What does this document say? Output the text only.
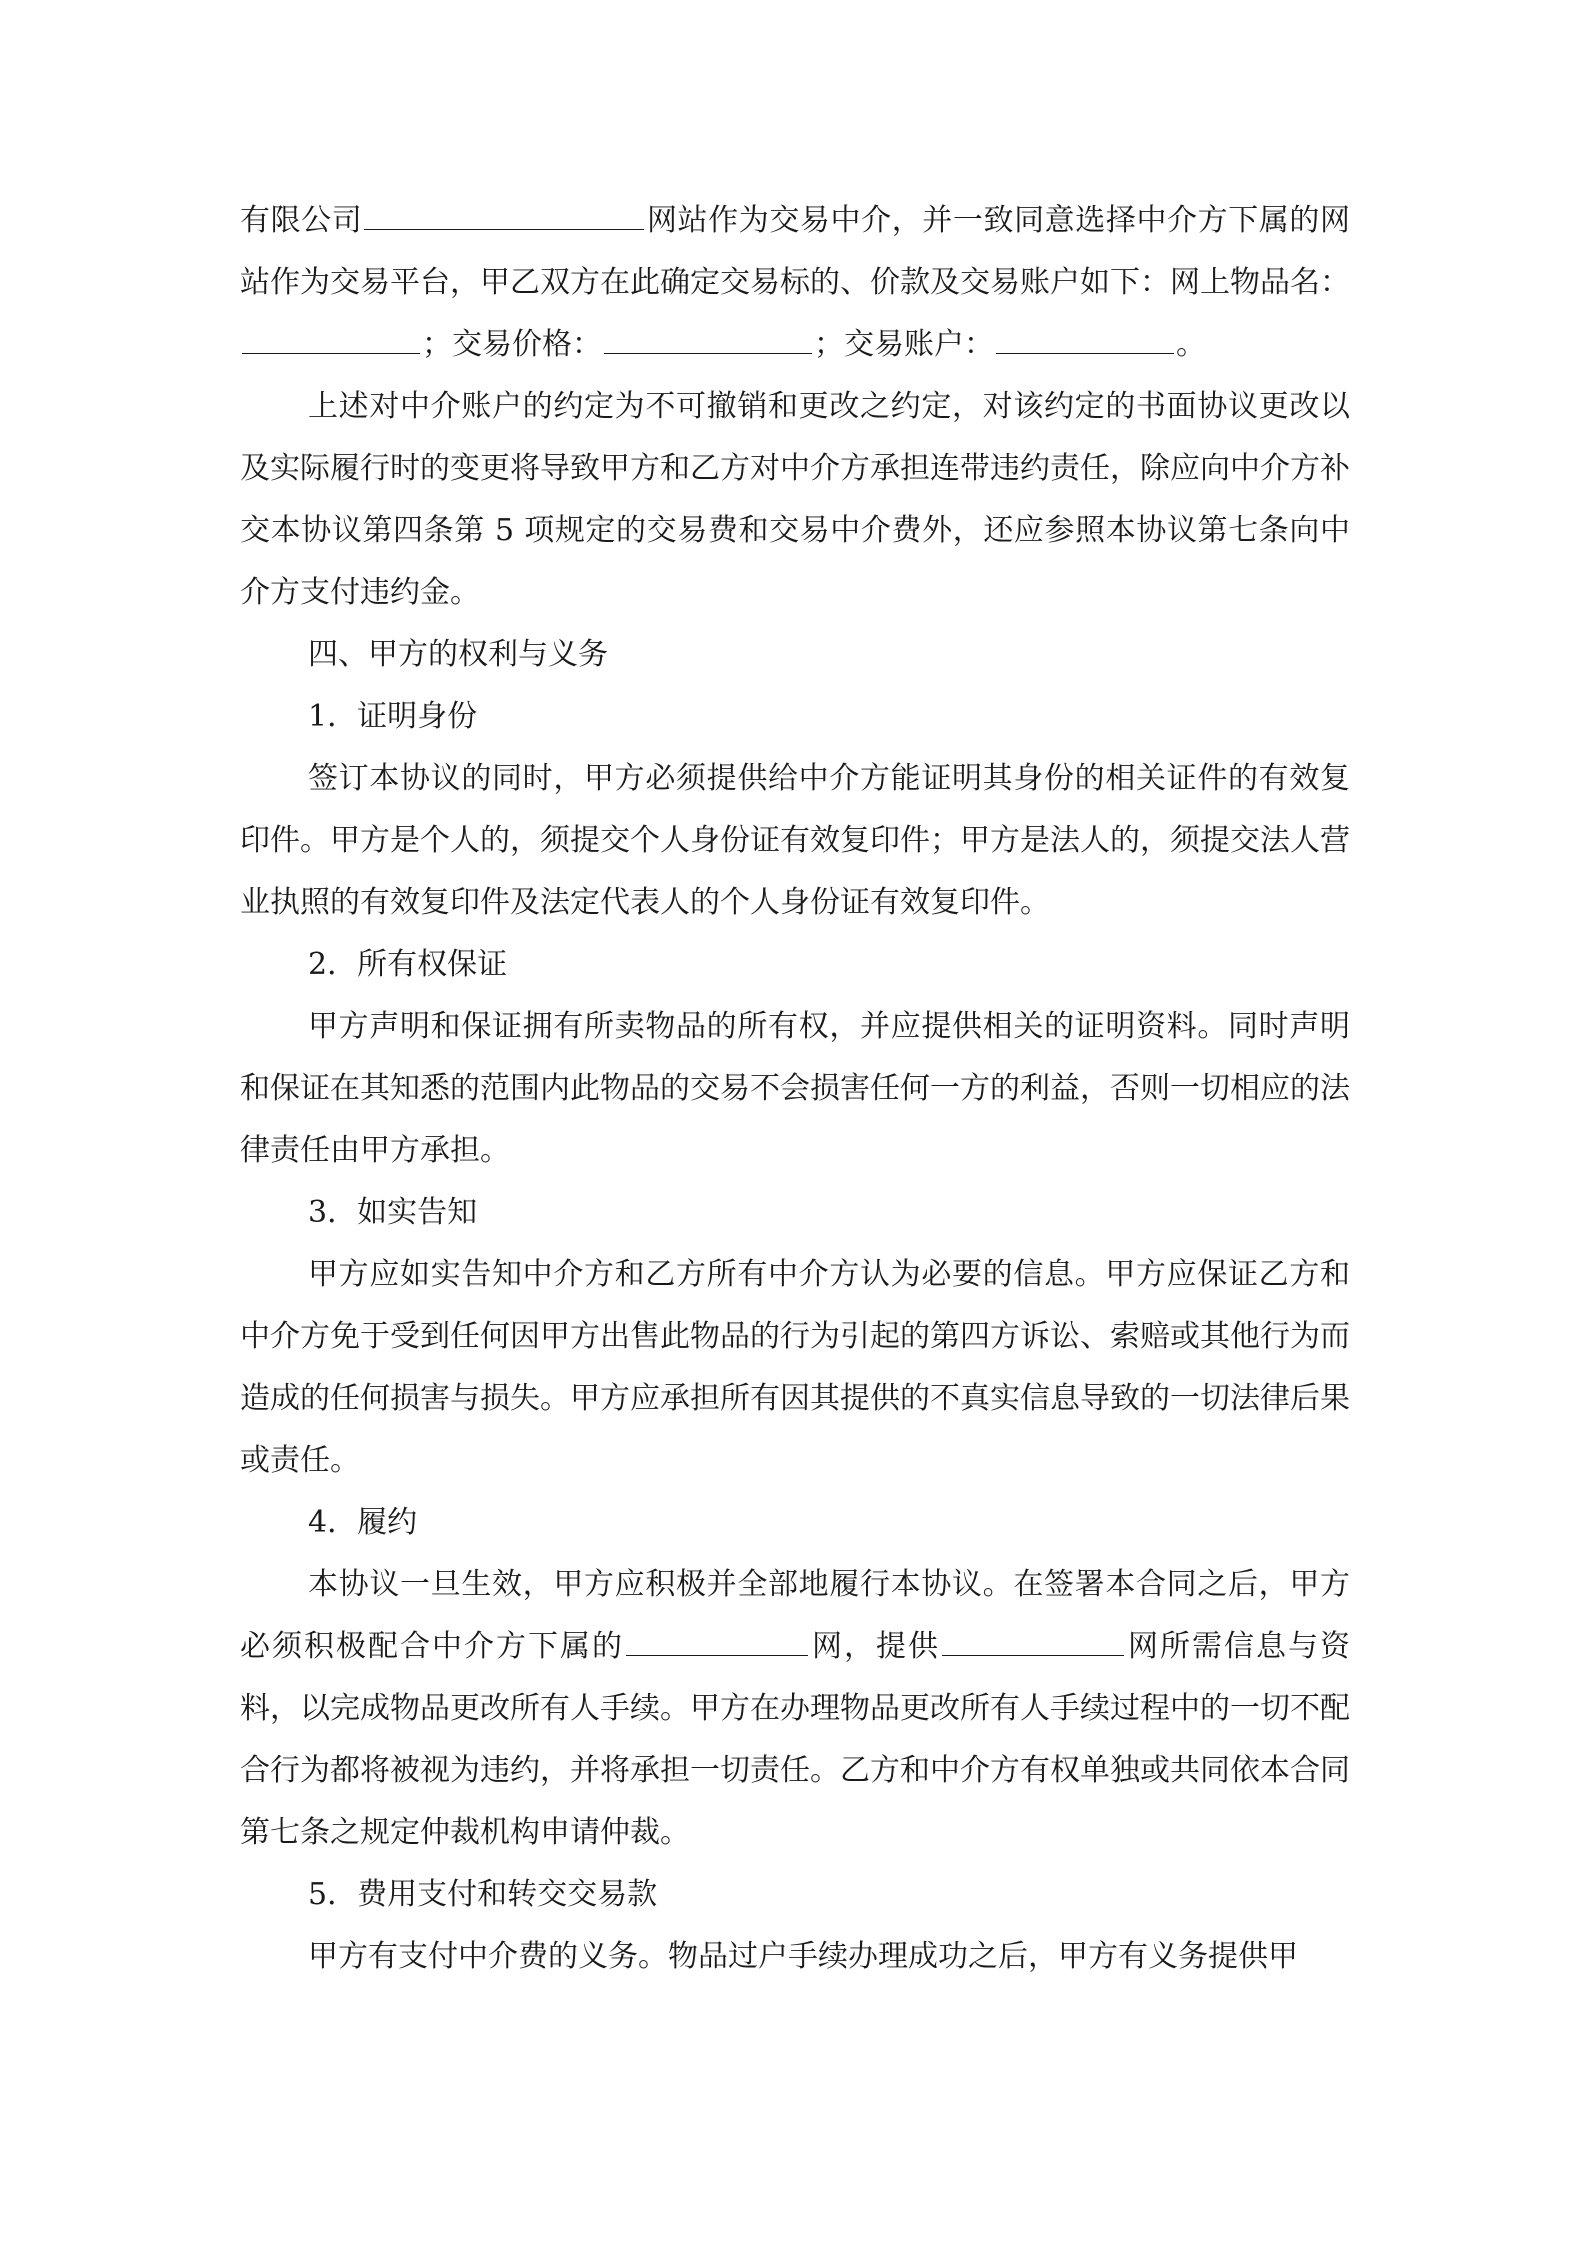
有限公司	网站作为交易中介，并一致同意选择中介方下属的网站作为交易平台，甲乙双方在此确定交易标的、价款及交易账户如下：网上物品名：；交易价格：	；交易账户：	。

上述对中介账户的约定为不可撤销和更改之约定，对该约定的书面协议更改以及实际履行时的变更将导致甲方和乙方对中介方承担连带违约责任，除应向中介方补交本协议第四条第 5 项规定的交易费和交易中介费外，还应参照本协议第七条向中介方支付违约金。

四、甲方的权利与义务

1．证明身份

签订本协议的同时，甲方必须提供给中介方能证明其身份的相关证件的有效复印件。甲方是个人的，须提交个人身份证有效复印件；甲方是法人的，须提交法人营业执照的有效复印件及法定代表人的个人身份证有效复印件。

2．所有权保证

甲方声明和保证拥有所卖物品的所有权，并应提供相关的证明资料。同时声明和保证在其知悉的范围内此物品的交易不会损害任何一方的利益，否则一切相应的法律责任由甲方承担。

3．如实告知

甲方应如实告知中介方和乙方所有中介方认为必要的信息。甲方应保证乙方和中介方免于受到任何因甲方出售此物品的行为引起的第四方诉讼、索赔或其他行为而造成的任何损害与损失。甲方应承担所有因其提供的不真实信息导致的一切法律后果或责任。

4．履约

本协议一旦生效，甲方应积极并全部地履行本协议。在签署本合同之后，甲方必须积极配合中介方下属的	网，提供	网所需信息与资料，以完成物品更改所有人手续。甲方在办理物品更改所有人手续过程中的一切不配合行为都将被视为违约，并将承担一切责任。乙方和中介方有权单独或共同依本合同第七条之规定仲裁机构申请仲裁。

5．费用支付和转交交易款

甲方有支付中介费的义务。物品过户手续办理成功之后，甲方有义务提供甲
